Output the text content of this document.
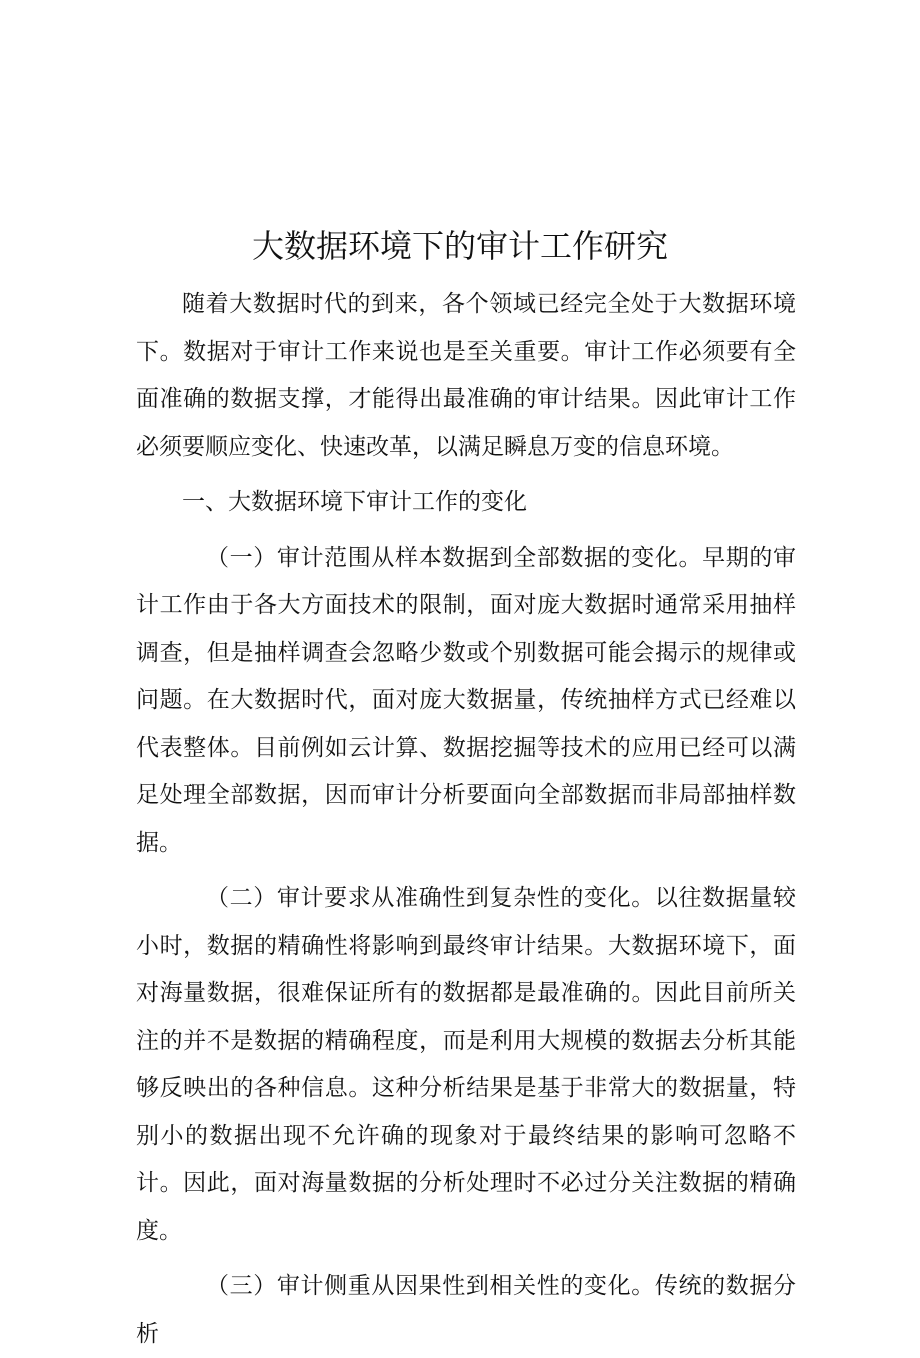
大数据环境下的审计工作研究

随着大数据时代的到来，各个领域已经完全处于大数据环境下。数据对于审计工作来说也是至关重要。审计工作必须要有全面准确的数据支撑，才能得出最准确的审计结果。因此审计工作必须要顺应变化、快速改革，以满足瞬息万变的信息环境。

一、大数据环境下审计工作的变化

（一）审计范围从样本数据到全部数据的变化。早期的审计工作由于各大方面技术的限制，面对庞大数据时通常采用抽样调查，但是抽样调查会忽略少数或个别数据可能会揭示的规律或问题。在大数据时代，面对庞大数据量，传统抽样方式已经难以代表整体。目前例如云计算、数据挖掘等技术的应用已经可以满足处理全部数据，因而审计分析要面向全部数据而非局部抽样数据。

（二）审计要求从准确性到复杂性的变化。以往数据量较小时，数据的精确性将影响到最终审计结果。大数据环境下，面对海量数据，很难保证所有的数据都是最准确的。因此目前所关注的并不是数据的精确程度，而是利用大规模的数据去分析其能够反映出的各种信息。这种分析结果是基于非常大的数据量，特别小的数据出现不允许确的现象对于最终结果的影响可忽略不计。因此，面对海量数据的分析处理时不必过分关注数据的精确度。

（三）审计侧重从因果性到相关性的变化。传统的数据分析
